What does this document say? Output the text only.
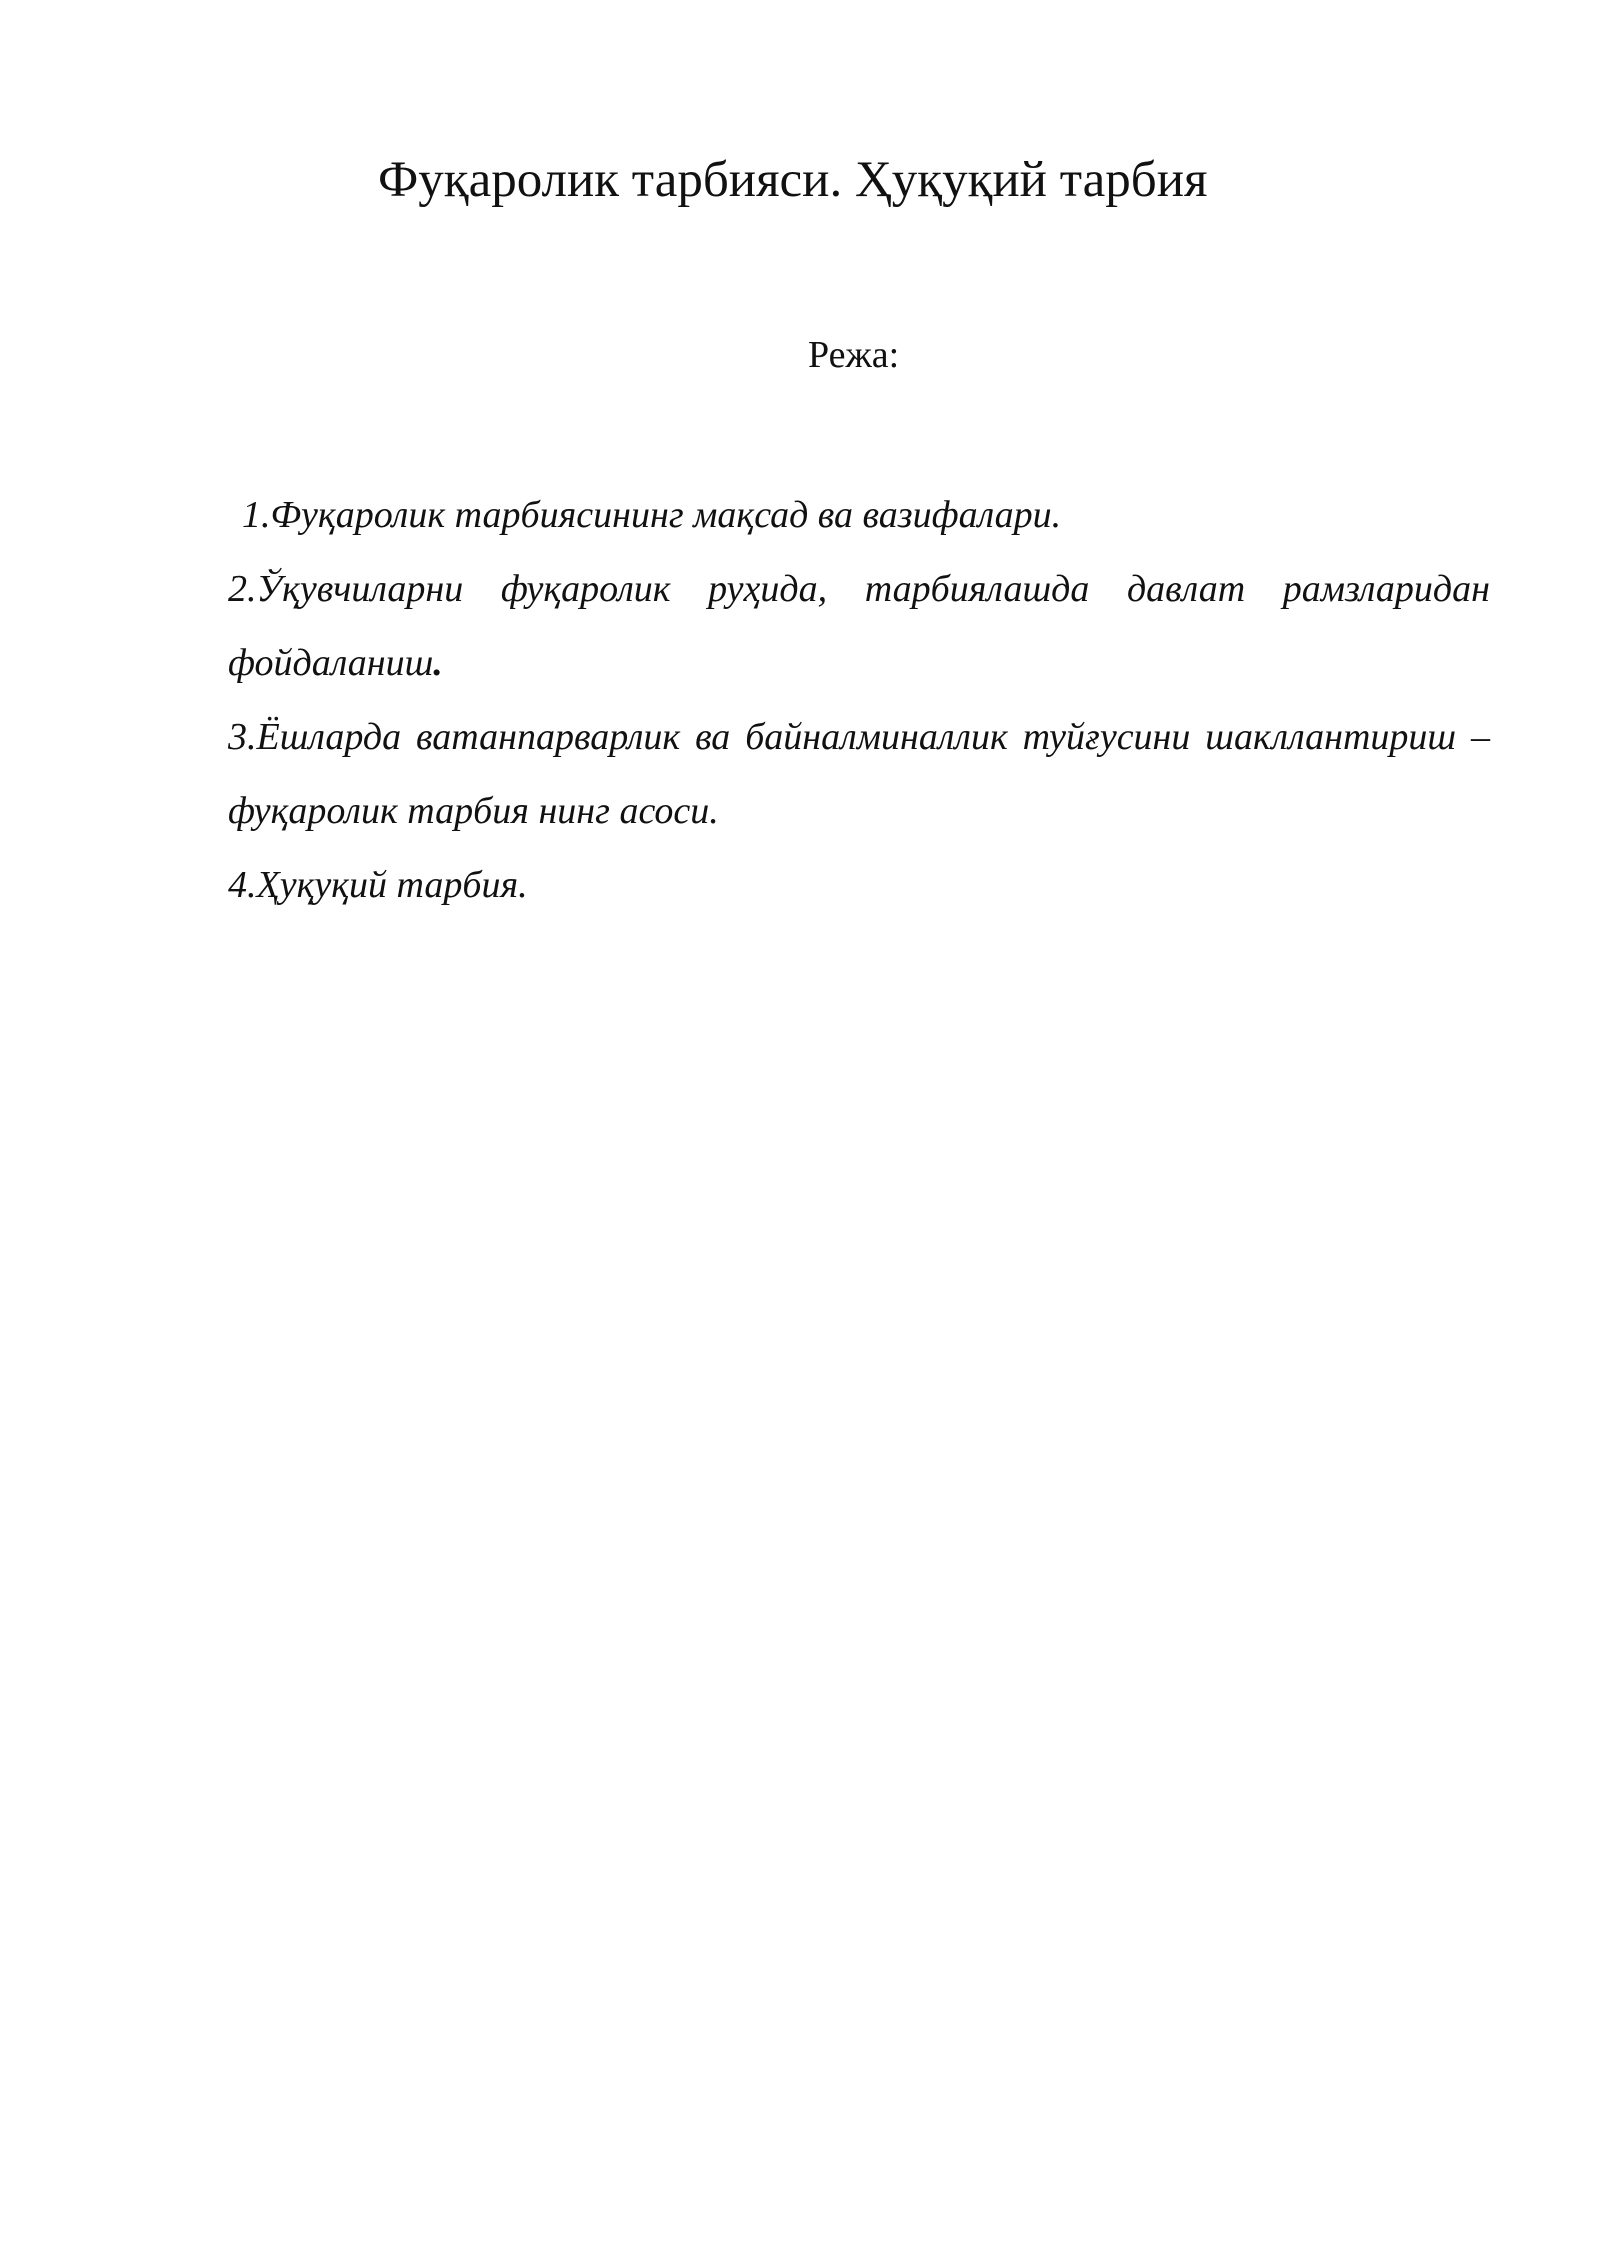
Фуқаролик тарбияси. Ҳуқуқий тарбия

Режа:

1.Фуқаролик тарбиясининг мақсад ва вазифалари.
2.Ўқувчиларни фуқаролик руҳида, тарбиялашда давлат рамзларидан фойдаланиш.
3.Ёшларда ватанпарварлик ва байналминаллик туйғусини шакллантириш – фуқаролик тарбия нинг асоси.
4.Ҳуқуқий тарбия.
